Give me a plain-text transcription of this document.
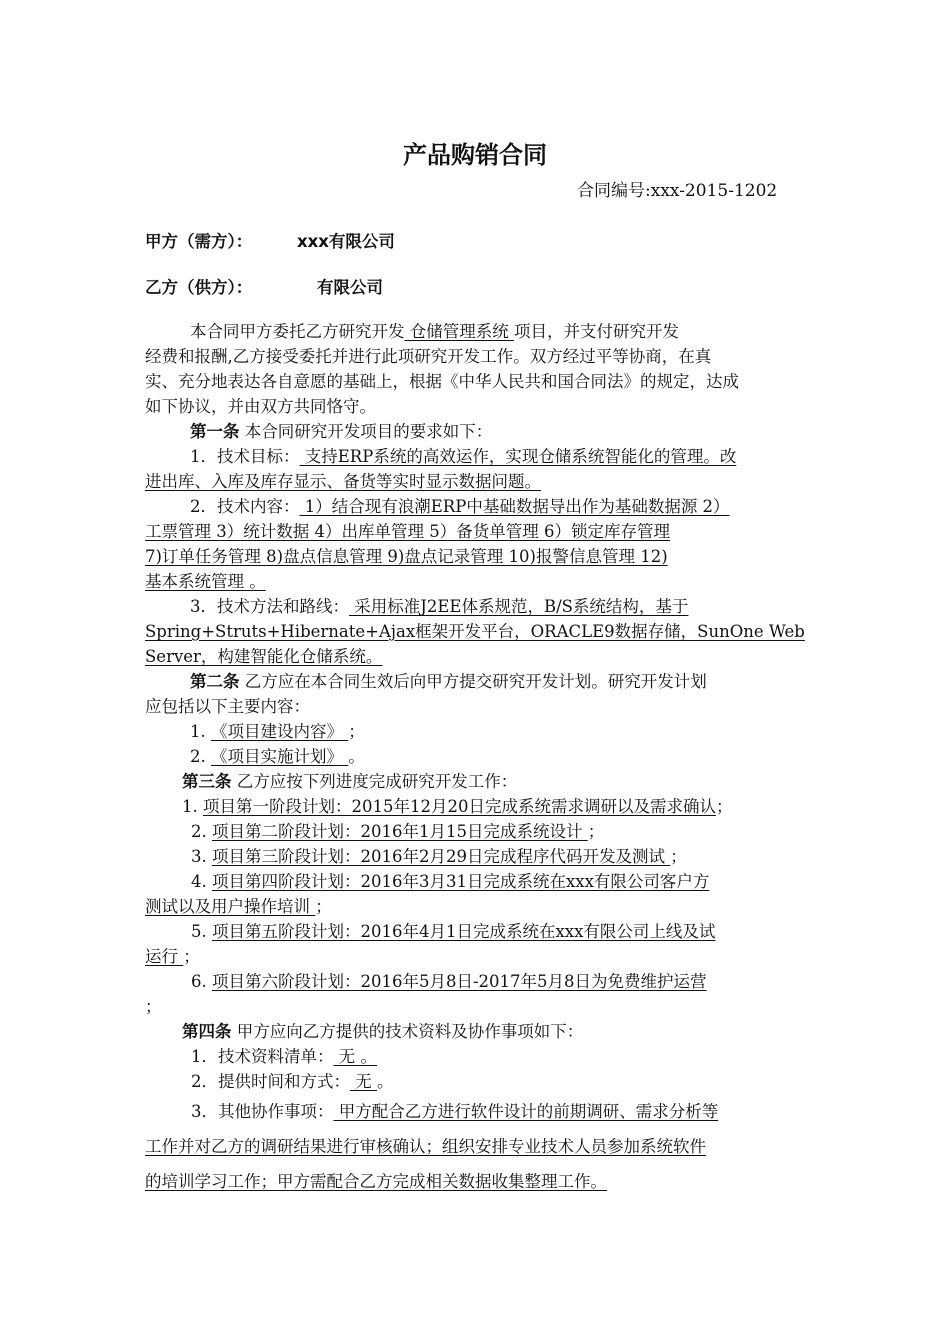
产品购销合同
合同编号:xxx-2015-1202
甲方（需方）：	xxx有限公司
乙方（供方）：	有限公司
本合同甲方委托乙方研究开发 仓储管理系统 项目，并支付研究开发
经费和报酬,乙方接受委托并进行此项研究开发工作。双方经过平等协商，在真
实、充分地表达各自意愿的基础上，根据《中华人民共和国合同法》的规定，达成
如下协议，并由双方共同恪守。
第一条 本合同研究开发项目的要求如下：
1．技术目标： 支持ERP系统的高效运作，实现仓储系统智能化的管理。改
进出库、入库及库存显示、备货等实时显示数据问题。
2．技术内容： 1）结合现有浪潮ERP中基础数据导出作为基础数据源 2）
工票管理 3）统计数据 4）出库单管理 5）备货单管理 6）锁定库存管理
7)订单任务管理 8)盘点信息管理 9)盘点记录管理 10)报警信息管理 12)
基本系统管理 。
3．技术方法和路线： 采用标准J2EE体系规范，B/S系统结构，基于
Spring+Struts+Hibernate+Ajax框架开发平台，ORACLE9数据存储，SunOne Web
Server，构建智能化仓储系统。
第二条 乙方应在本合同生效后向甲方提交研究开发计划。研究开发计划
应包括以下主要内容：
1. 《项目建设内容》 ；
2. 《项目实施计划》 。
第三条 乙方应按下列进度完成研究开发工作：
1. 项目第一阶段计划：2015年12月20日完成系统需求调研以及需求确认；
2. 项目第二阶段计划：2016年1月15日完成系统设计 ；
3. 项目第三阶段计划：2016年2月29日完成程序代码开发及测试 ；
4. 项目第四阶段计划：2016年3月31日完成系统在xxx有限公司客户方
测试以及用户操作培训 ；
5. 项目第五阶段计划：2016年4月1日完成系统在xxx有限公司上线及试
运行 ；
6. 项目第六阶段计划：2016年5月8日-2017年5月8日为免费维护运营
；
第四条 甲方应向乙方提供的技术资料及协作事项如下：
1．技术资料清单： 无 。
2．提供时间和方式： 无 。
3．其他协作事项： 甲方配合乙方进行软件设计的前期调研、需求分析等
工作并对乙方的调研结果进行审核确认；组织安排专业技术人员参加系统软件
的培训学习工作；甲方需配合乙方完成相关数据收集整理工作。
